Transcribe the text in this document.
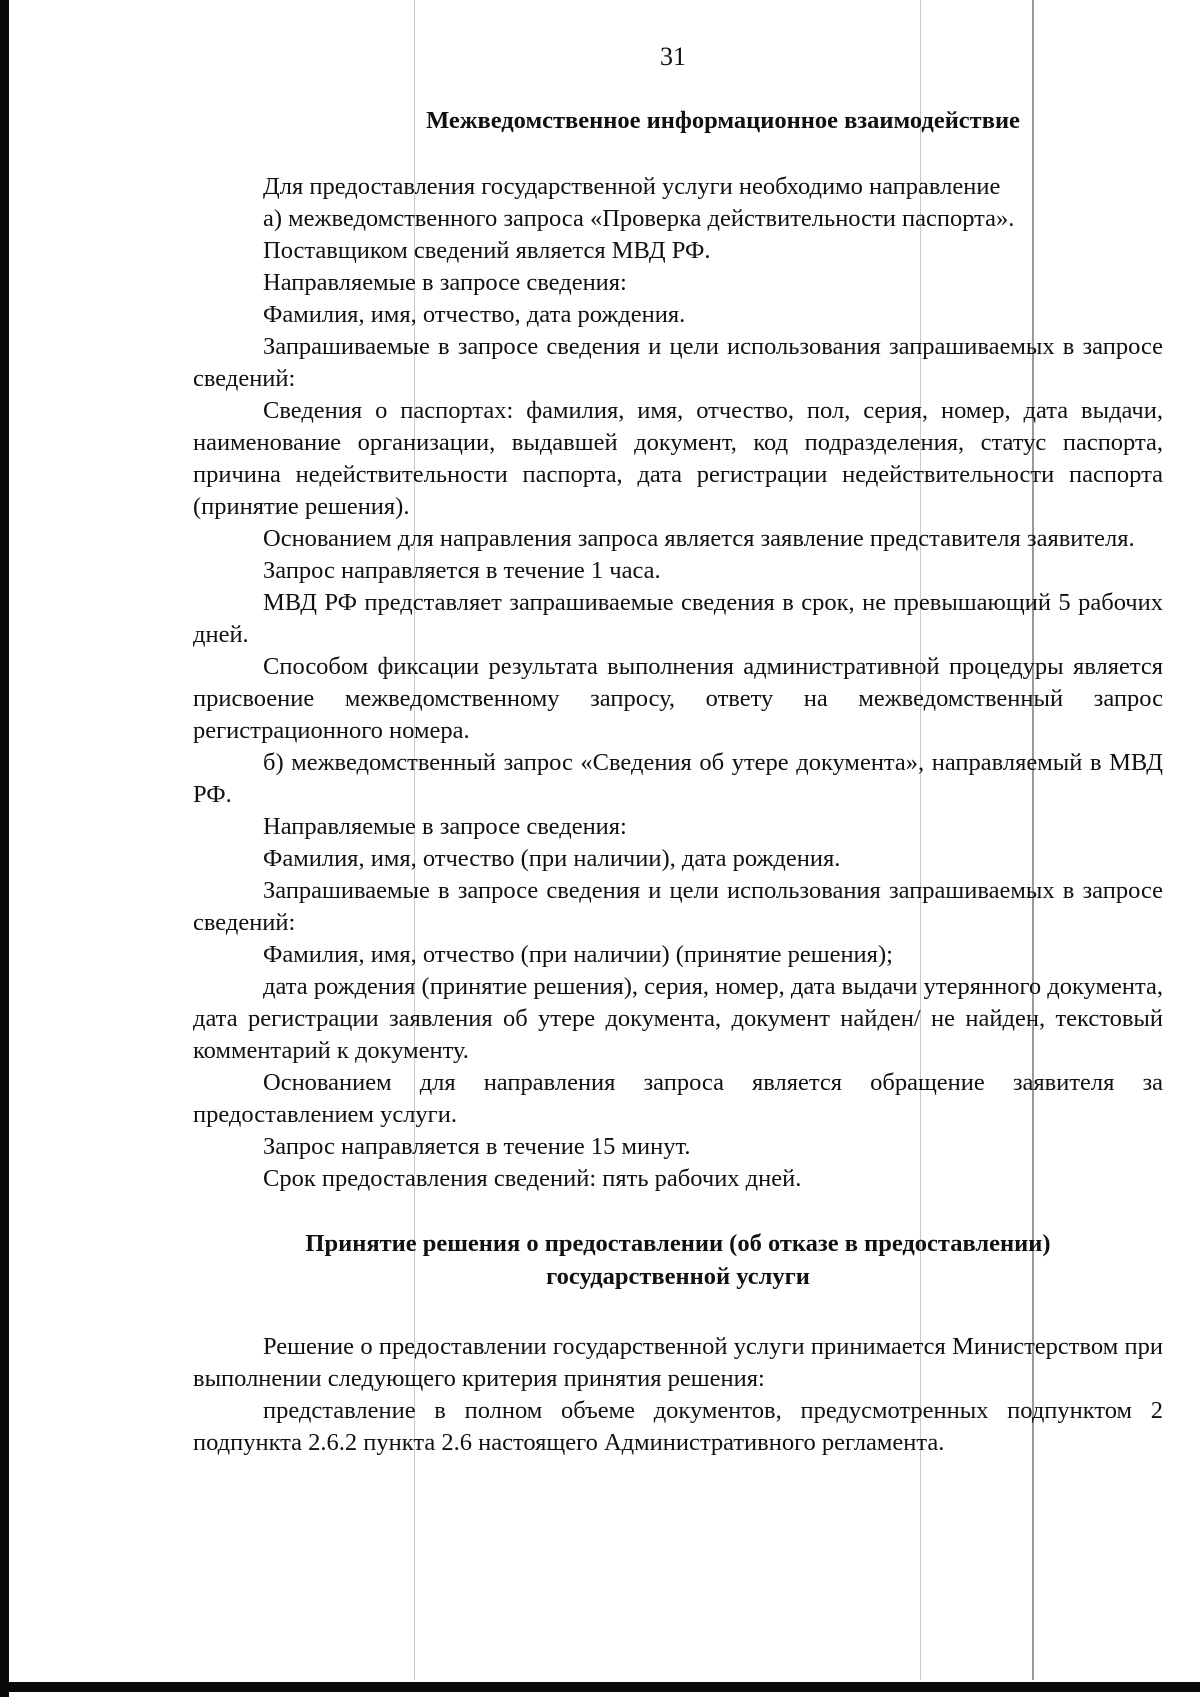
31

Межведомственное информационное взаимодействие

Для предоставления государственной услуги необходимо направление

а) межведомственного запроса «Проверка действительности паспорта».

Поставщиком сведений является МВД РФ.

Направляемые в запросе сведения:

Фамилия, имя, отчество, дата рождения.

Запрашиваемые в запросе сведения и цели использования запрашиваемых в запросе сведений:

Сведения о паспортах: фамилия, имя, отчество, пол, серия, номер, дата выдачи, наименование организации, выдавшей документ, код подразделения, статус паспорта, причина недействительности паспорта, дата регистрации недействительности паспорта (принятие решения).

Основанием для направления запроса является заявление представителя заявителя.

Запрос направляется в течение 1 часа.

МВД РФ представляет запрашиваемые сведения в срок, не превышающий 5 рабочих дней.

Способом фиксации результата выполнения административной процедуры является присвоение межведомственному запросу, ответу на межведомственный запрос регистрационного номера.

б) межведомственный запрос «Сведения об утере документа», направляемый в МВД РФ.

Направляемые в запросе сведения:

Фамилия, имя, отчество (при наличии), дата рождения.

Запрашиваемые в запросе сведения и цели использования запрашиваемых в запросе сведений:

Фамилия, имя, отчество (при наличии) (принятие решения);

дата рождения (принятие решения), серия, номер, дата выдачи утерянного документа, дата регистрации заявления об утере документа, документ найден/ не найден, текстовый комментарий к документу.

Основанием для направления запроса является обращение заявителя за предоставлением услуги.

Запрос направляется в течение 15 минут.

Срок предоставления сведений: пять рабочих дней.

Принятие решения о предоставлении (об отказе в предоставлении)
государственной услуги

Решение о предоставлении государственной услуги принимается Министерством при выполнении следующего критерия принятия решения:

представление в полном объеме документов, предусмотренных подпунктом 2 подпункта 2.6.2 пункта 2.6 настоящего Административного регламента.
